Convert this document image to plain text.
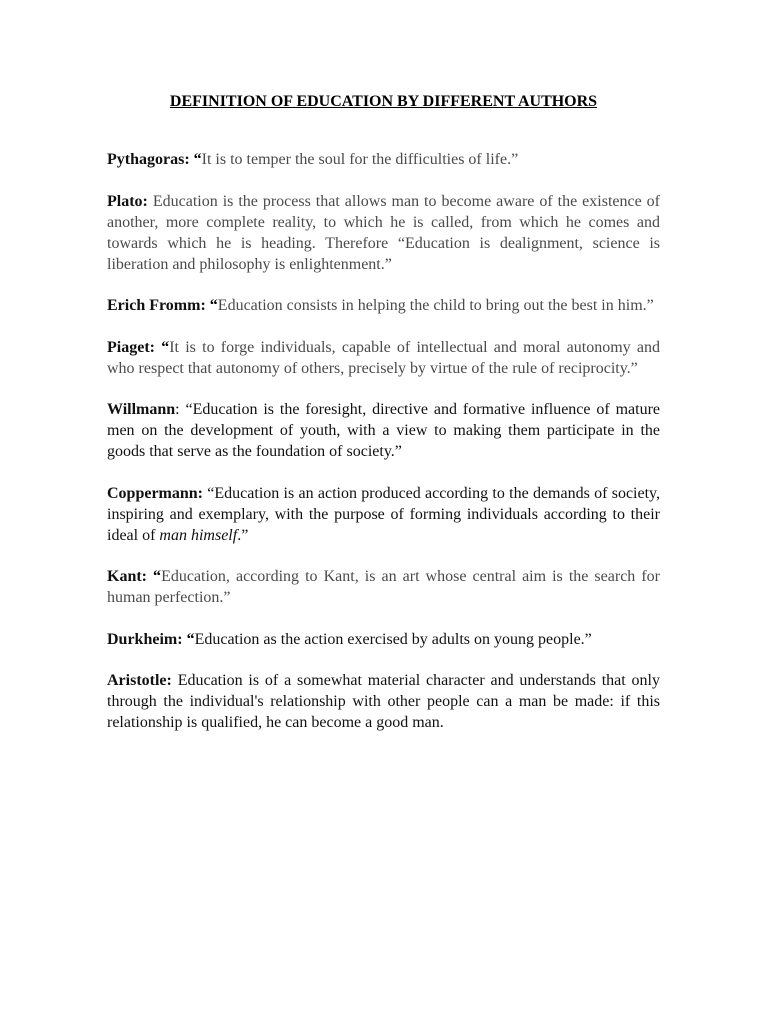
DEFINITION OF EDUCATION BY DIFFERENT AUTHORS

Pythagoras: “It is to temper the soul for the difficulties of life.”

Plato: Education is the process that allows man to become aware of the existence of another, more complete reality, to which he is called, from which he comes and towards which he is heading. Therefore “Education is dealignment, science is liberation and philosophy is enlightenment.”

Erich Fromm: “Education consists in helping the child to bring out the best in him.”

Piaget: “It is to forge individuals, capable of intellectual and moral autonomy and who respect that autonomy of others, precisely by virtue of the rule of reciprocity.”

Willmann: “Education is the foresight, directive and formative influence of mature men on the development of youth, with a view to making them participate in the goods that serve as the foundation of society.”

Coppermann: “Education is an action produced according to the demands of society, inspiring and exemplary, with the purpose of forming individuals according to their ideal of man himself.”

Kant: “Education, according to Kant, is an art whose central aim is the search for human perfection.”

Durkheim: “Education as the action exercised by adults on young people.”

Aristotle: Education is of a somewhat material character and understands that only through the individual's relationship with other people can a man be made: if this relationship is qualified, he can become a good man.
